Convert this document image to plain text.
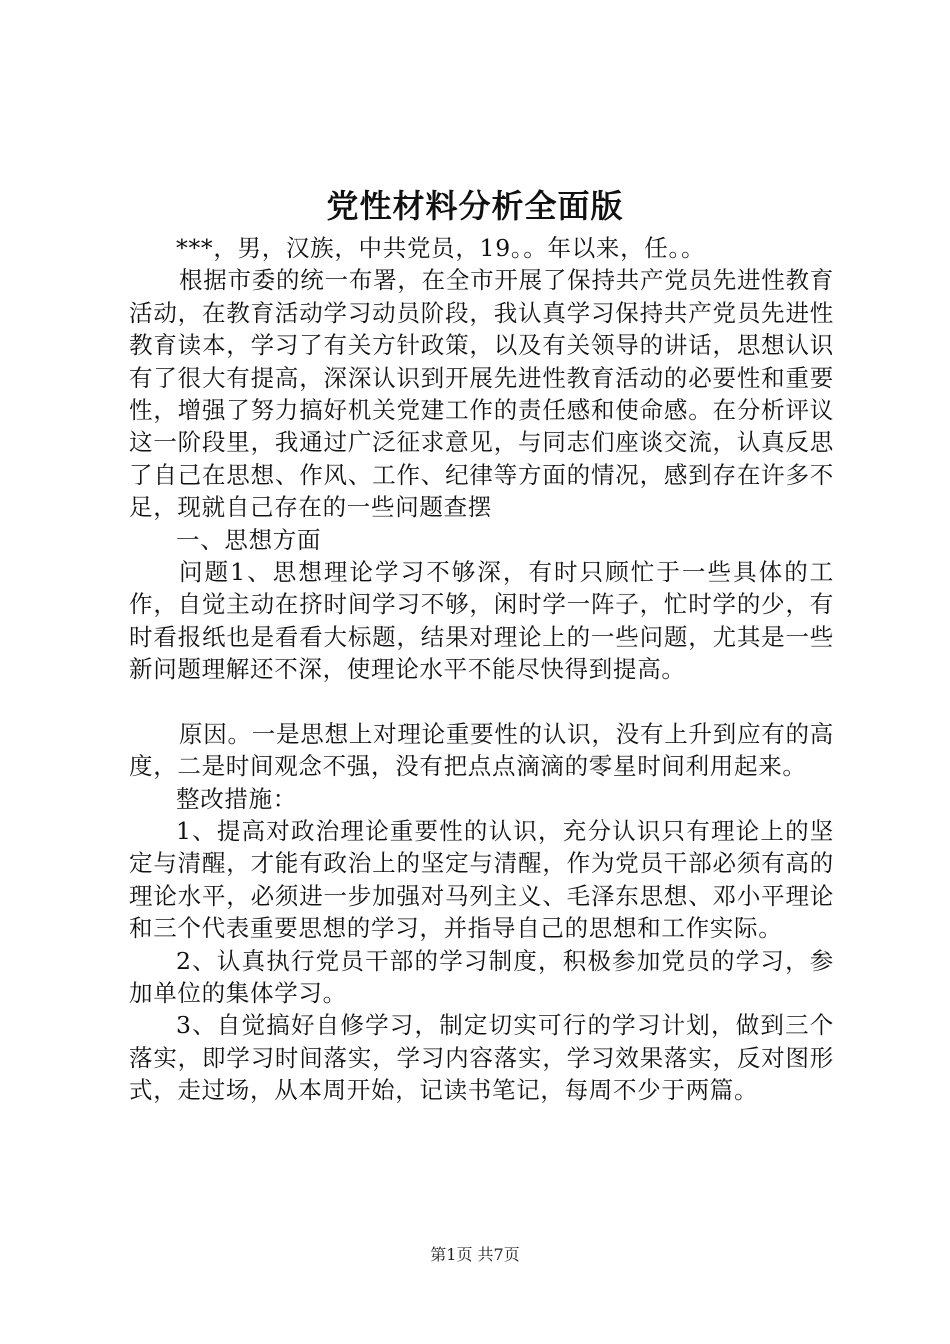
党性材料分析全面版

***，男，汉族，中共党员，19。。年以来，任。。

根据市委的统一布署，在全市开展了保持共产党员先进性教育活动，在教育活动学习动员阶段，我认真学习保持共产党员先进性教育读本，学习了有关方针政策，以及有关领导的讲话，思想认识有了很大有提高，深深认识到开展先进性教育活动的必要性和重要性，增强了努力搞好机关党建工作的责任感和使命感。在分析评议这一阶段里，我通过广泛征求意见，与同志们座谈交流，认真反思了自己在思想、作风、工作、纪律等方面的情况，感到存在许多不足，现就自己存在的一些问题查摆

一、思想方面

问题1、思想理论学习不够深，有时只顾忙于一些具体的工作，自觉主动在挤时间学习不够，闲时学一阵子，忙时学的少，有时看报纸也是看看大标题，结果对理论上的一些问题，尤其是一些新问题理解还不深，使理论水平不能尽快得到提高。

原因。一是思想上对理论重要性的认识，没有上升到应有的高度，二是时间观念不强，没有把点点滴滴的零星时间利用起来。

整改措施：

1、提高对政治理论重要性的认识，充分认识只有理论上的坚定与清醒，才能有政治上的坚定与清醒，作为党员干部必须有高的理论水平，必须进一步加强对马列主义、毛泽东思想、邓小平理论和三个代表重要思想的学习，并指导自己的思想和工作实际。

2、认真执行党员干部的学习制度，积极参加党员的学习，参加单位的集体学习。

3、自觉搞好自修学习，制定切实可行的学习计划，做到三个落实，即学习时间落实，学习内容落实，学习效果落实，反对图形式，走过场，从本周开始，记读书笔记，每周不少于两篇。

第1页 共7页
